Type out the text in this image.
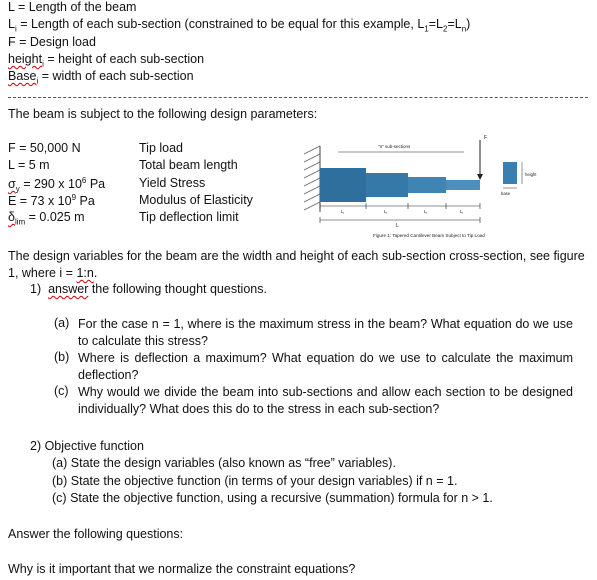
L = Length of the beam
$L_i$ = Length of each sub-section (constrained to be equal for this example, $L_1=L_2=L_n$)
F = Design load
height$_i$ = height of each sub-section
Base$_i$ = width of each sub-section
The beam is subject to the following design parameters:
F = 50,000 N	Tip load
L = 5 m	Total beam length
$\sigma_y = 290$ x $10^6$ Pa	Yield Stress
E = 73 x $10^9$ Pa	Modulus of Elasticity
$\delta_{lim} = 0.025$ m	Tip deflection limit
F
"n" sub-sections
$L_i$	$L_i$	$L_i$	$L_i$
L
height
base
Figure 1: Tapered Cantilever Beam Subject to Tip Load
The design variables for the beam are the width and height of each sub-section cross-section, see figure 1, where i = 1:n.
1)  answer the following thought questions.
(a) For the case n = 1, where is the maximum stress in the beam? What equation do we use to calculate this stress?
(b) Where is deflection a maximum? What equation do we use to calculate the maximum deflection?
(c) Why would we divide the beam into sub-sections and allow each section to be designed individually? What does this do to the stress in each sub-section?
2) Objective function
(a) State the design variables (also known as “free” variables).
(b) State the objective function (in terms of your design variables) if n = 1.
(c) State the objective function, using a recursive (summation) formula for n > 1.
Answer the following questions:
Why is it important that we normalize the constraint equations?
